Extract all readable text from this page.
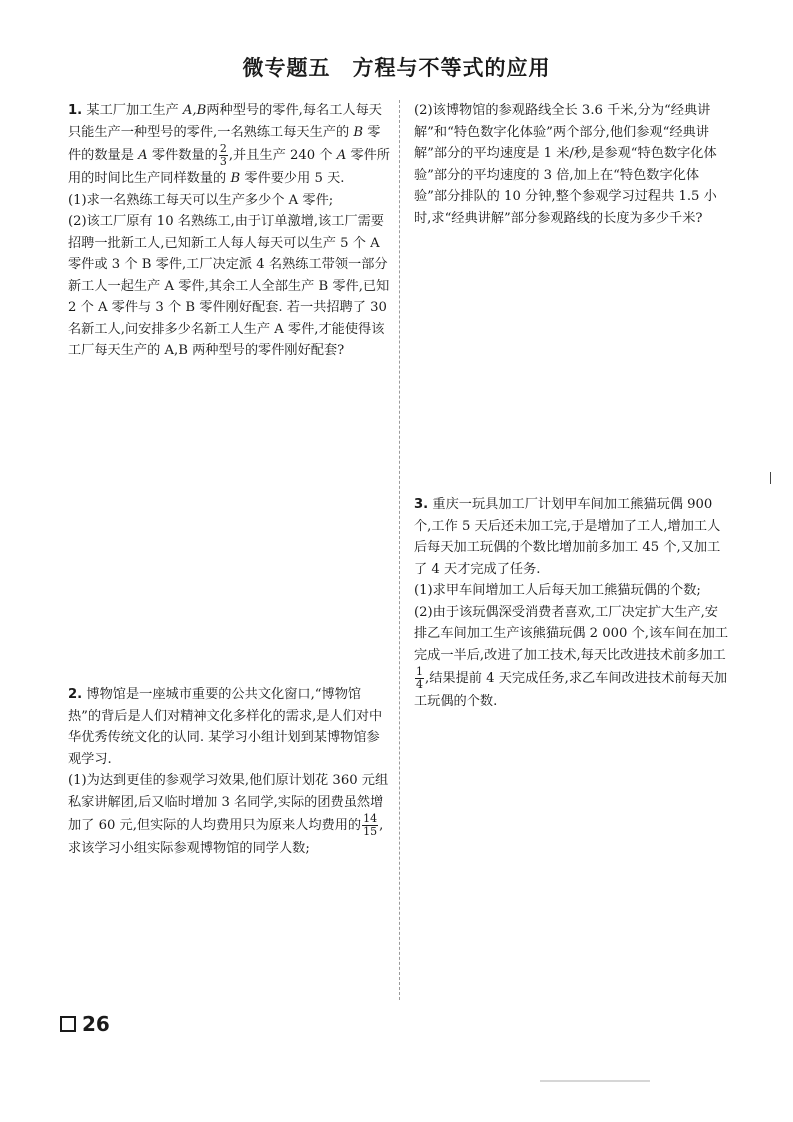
微专题五 方程与不等式的应用

1. 某工厂加工生产 A,B两种型号的零件,每名工人每天只能生产一种型号的零件,一名熟练工每天生产的 B 零件的数量是 A 零件数量的 $\frac{2}{3}$ ,并且生产 240 个 A 零件所用的时间比生产同样数量的 B 零件要少用 5 天.

(1)求一名熟练工每天可以生产多少个 A 零件;

(2)该工厂原有 10 名熟练工,由于订单激增,该工厂需要招聘一批新工人,已知新工人每人每天可以生产 5 个 A 零件或 3 个 B 零件,工厂决定派 4 名熟练工带领一部分新工人一起生产 A 零件,其余工人全部生产 B 零件,已知 2 个 A 零件与 3 个 B 零件刚好配套. 若一共招聘了 30 名新工人,问安排多少名新工人生产 A 零件,才能使得该工厂每天生产的 A,B 两种型号的零件刚好配套?

2. 博物馆是一座城市重要的公共文化窗口,“博物馆热”的背后是人们对精神文化多样化的需求,是人们对中华优秀传统文化的认同. 某学习小组计划到某博物馆参观学习.

(1)为达到更佳的参观学习效果,他们原计划花 360 元组私家讲解团,后又临时增加 3 名同学,实际的团费虽然增加了 60 元,但实际的人均费用只为原来人均费用的 $\frac{14}{15}$ ,求该学习小组实际参观博物馆的同学人数;

(2)该博物馆的参观路线全长 3.6 千米,分为“经典讲解”和“特色数字化体验”两个部分,他们参观“经典讲解”部分的平均速度是 1 米/秒,是参观“特色数字化体验”部分的平均速度的 3 倍,加上在“特色数字化体验”部分排队的 10 分钟,整个参观学习过程共 1.5 小时,求“经典讲解”部分参观路线的长度为多少千米?

3. 重庆一玩具加工厂计划甲车间加工熊猫玩偶 900 个,工作 5 天后还未加工完,于是增加了工人,增加工人后每天加工玩偶的个数比增加前多加工 45 个,又加工了 4 天才完成了任务.

(1)求甲车间增加工人后每天加工熊猫玩偶的个数;

(2)由于该玩偶深受消费者喜欢,工厂决定扩大生产,安排乙车间加工生产该熊猫玩偶 2 000 个,该车间在加工完成一半后,改进了加工技术,每天比改进技术前多加工
$\frac{1}{4}$ ,结果提前 4 天完成任务,求乙车间改进技术前每天加工玩偶的个数.

26
